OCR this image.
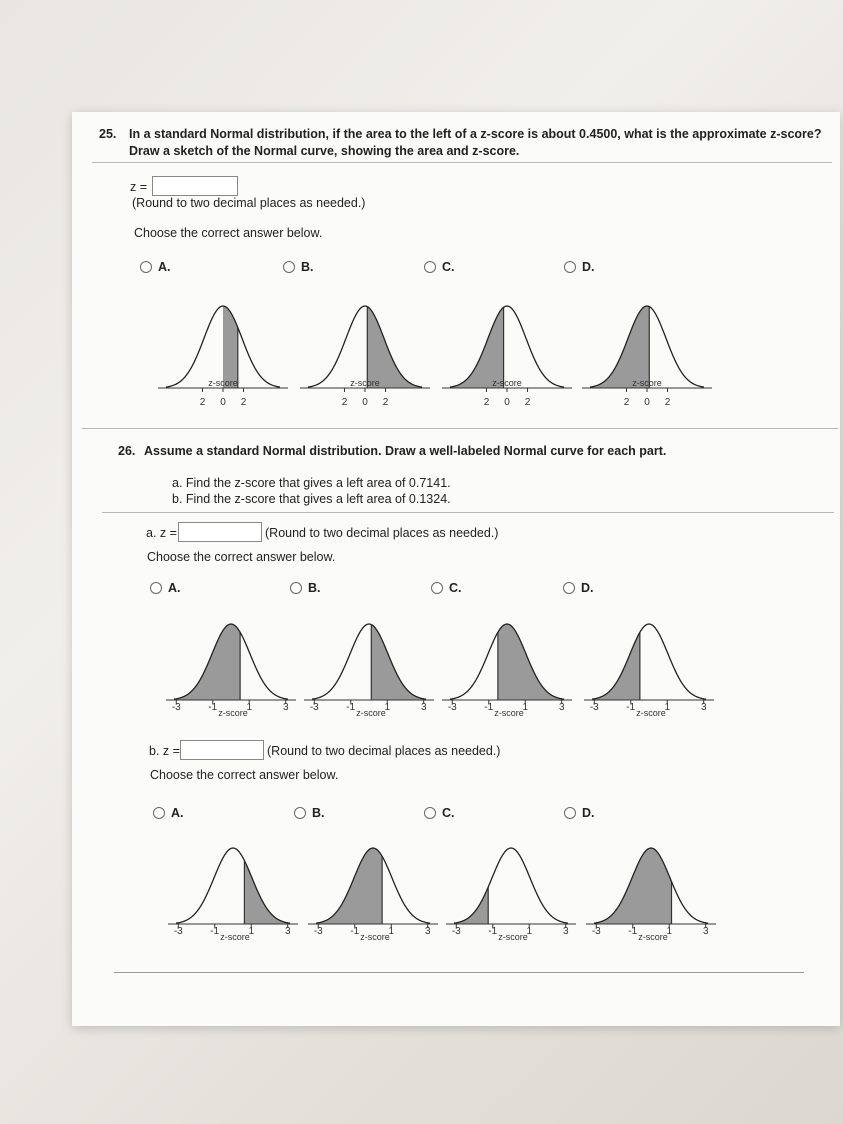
25. In a standard Normal distribution, if the area to the left of a z-score is about 0.4500, what is the approximate z-score?
Draw a sketch of the Normal curve, showing the area and z-score.
z =
(Round to two decimal places as needed.)
Choose the correct answer below.
A.	B.	C.	D.
2 0 2
z-score
2 0 2
z-score
2 0 2
z-score
2 0 2
z-score
26. Assume a standard Normal distribution. Draw a well-labeled Normal curve for each part.
a. Find the z-score that gives a left area of 0.7141.
b. Find the z-score that gives a left area of 0.1324.
a. z =	(Round to two decimal places as needed.)
Choose the correct answer below.
A.	B.	C.	D.
-3	-1	1	3
z-score	-3	-1	1	3
z-score	-3	-1	1	3
z-score	-3	-1	1	3
z-score
b. z =	(Round to two decimal places as needed.)
Choose the correct answer below.
A.	B.	C.	D.
-3	-1	1	3
z-score	-3	-1	1	3
z-score	-3	-1	1	3
z-score	-3	-1	1	3
z-score
